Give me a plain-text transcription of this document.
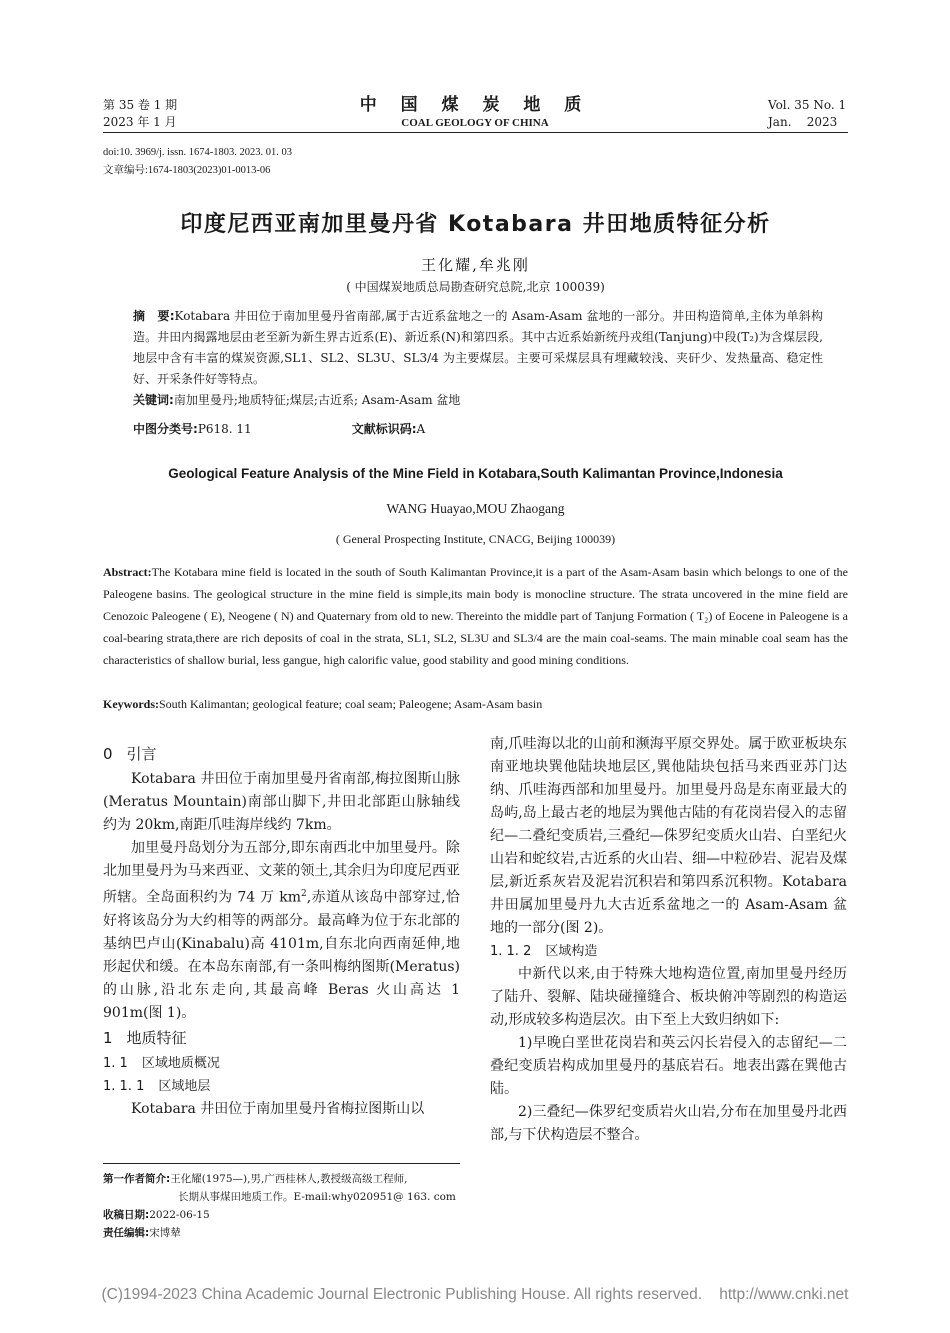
第 35 卷 1 期
2023 年 1 月
中 国 煤 炭 地 质
COAL GEOLOGY OF CHINA
Vol. 35 No. 1
Jan.    2023
doi:10. 3969/j. issn. 1674-1803. 2023. 01. 03
文章编号:1674-1803(2023)01-0013-06
印度尼西亚南加里曼丹省 Kotabara 井田地质特征分析
王化耀,牟兆刚
( 中国煤炭地质总局勘查研究总院,北京 100039)
摘　要:Kotabara 井田位于南加里曼丹省南部,属于古近系盆地之一的 Asam-Asam 盆地的一部分。井田构造简单,主体为单斜构造。井田内揭露地层由老至新为新生界古近系(E)、新近系(N)和第四系。其中古近系始新统丹戎组(Tanjung)中段(T₂)为含煤层段,地层中含有丰富的煤炭资源,SL1、SL2、SL3U、SL3/4 为主要煤层。主要可采煤层具有埋藏较浅、夹矸少、发热量高、稳定性好、开采条件好等特点。
关键词:南加里曼丹;地质特征;煤层;古近系; Asam-Asam 盆地
中图分类号:P618. 11	文献标识码:A
Geological Feature Analysis of the Mine Field in Kotabara,South Kalimantan Province,Indonesia
WANG Huayao,MOU Zhaogang
( General Prospecting Institute, CNACG, Beijing 100039)
Abstract:The Kotabara mine field is located in the south of South Kalimantan Province,it is a part of the Asam-Asam basin which belongs to one of the Paleogene basins. The geological structure in the mine field is simple,its main body is monocline structure. The strata uncovered in the mine field are Cenozoic Paleogene ( E), Neogene ( N) and Quaternary from old to new. Thereinto the middle part of Tanjung Formation ( T₂) of Eocene in Paleogene is a coal-bearing strata,there are rich deposits of coal in the strata, SL1, SL2, SL3U and SL3/4 are the main coal-seams. The main minable coal seam has the characteristics of shallow burial, less gangue, high calorific value, good stability and good mining conditions.
Keywords:South Kalimantan; geological feature; coal seam; Paleogene; Asam-Asam basin
0 引言

Kotabara 井田位于南加里曼丹省南部,梅拉图斯山脉(Meratus Mountain)南部山脚下,井田北部距山脉轴线约为 20km,南距爪哇海岸线约 7km。

加里曼丹岛划分为五部分,即东南西北中加里曼丹。除北加里曼丹为马来西亚、文莱的领土,其余归为印度尼西亚所辖。全岛面积约为 74 万 $km^2$,赤道从该岛中部穿过,恰好将该岛分为大约相等的两部分。最高峰为位于东北部的基纳巴卢山(Kinabalu)高 4101m,自东北向西南延伸,地形起伏和缓。在本岛东南部,有一条叫梅纳图斯(Meratus)的山脉,沿北东走向,其最高峰 Beras 火山高达 1 901m(图 1)。

1 地质特征
1. 1 区域地质概况
1. 1. 1 区域地层

Kotabara 井田位于南加里曼丹省梅拉图斯山以

南,爪哇海以北的山前和濒海平原交界处。属于欧亚板块东南亚地块巽他陆块地层区,巽他陆块包括马来西亚苏门达纳、爪哇海西部和加里曼丹。加里曼丹岛是东南亚最大的岛屿,岛上最古老的地层为巽他古陆的有花岗岩侵入的志留纪—二叠纪变质岩,三叠纪—侏罗纪变质火山岩、白垩纪火山岩和蛇纹岩,古近系的火山岩、细—中粒砂岩、泥岩及煤层,新近系灰岩及泥岩沉积岩和第四系沉积物。Kotabara 井田属加里曼丹九大古近系盆地之一的 Asam-Asam 盆地的一部分(图 2)。

1. 1. 2 区域构造

中新代以来,由于特殊大地构造位置,南加里曼丹经历了陆升、裂解、陆块碰撞缝合、板块俯冲等剧烈的构造运动,形成较多构造层次。由下至上大致归纳如下:

1)早晚白垩世花岗岩和英云闪长岩侵入的志留纪—二叠纪变质岩构成加里曼丹的基底岩石。地表出露在巽他古陆。

2)三叠纪—侏罗纪变质岩火山岩,分布在加里曼丹北西部,与下伏构造层不整合。

第一作者简介:王化耀(1975—),男,广西桂林人,教授级高级工程师,
长期从事煤田地质工作。E-mail:why020951@ 163. com
收稿日期:2022-06-15
责任编辑:宋博辇
(C)1994-2023 China Academic Journal Electronic Publishing House. All rights reserved.    http://www.cnki.net
